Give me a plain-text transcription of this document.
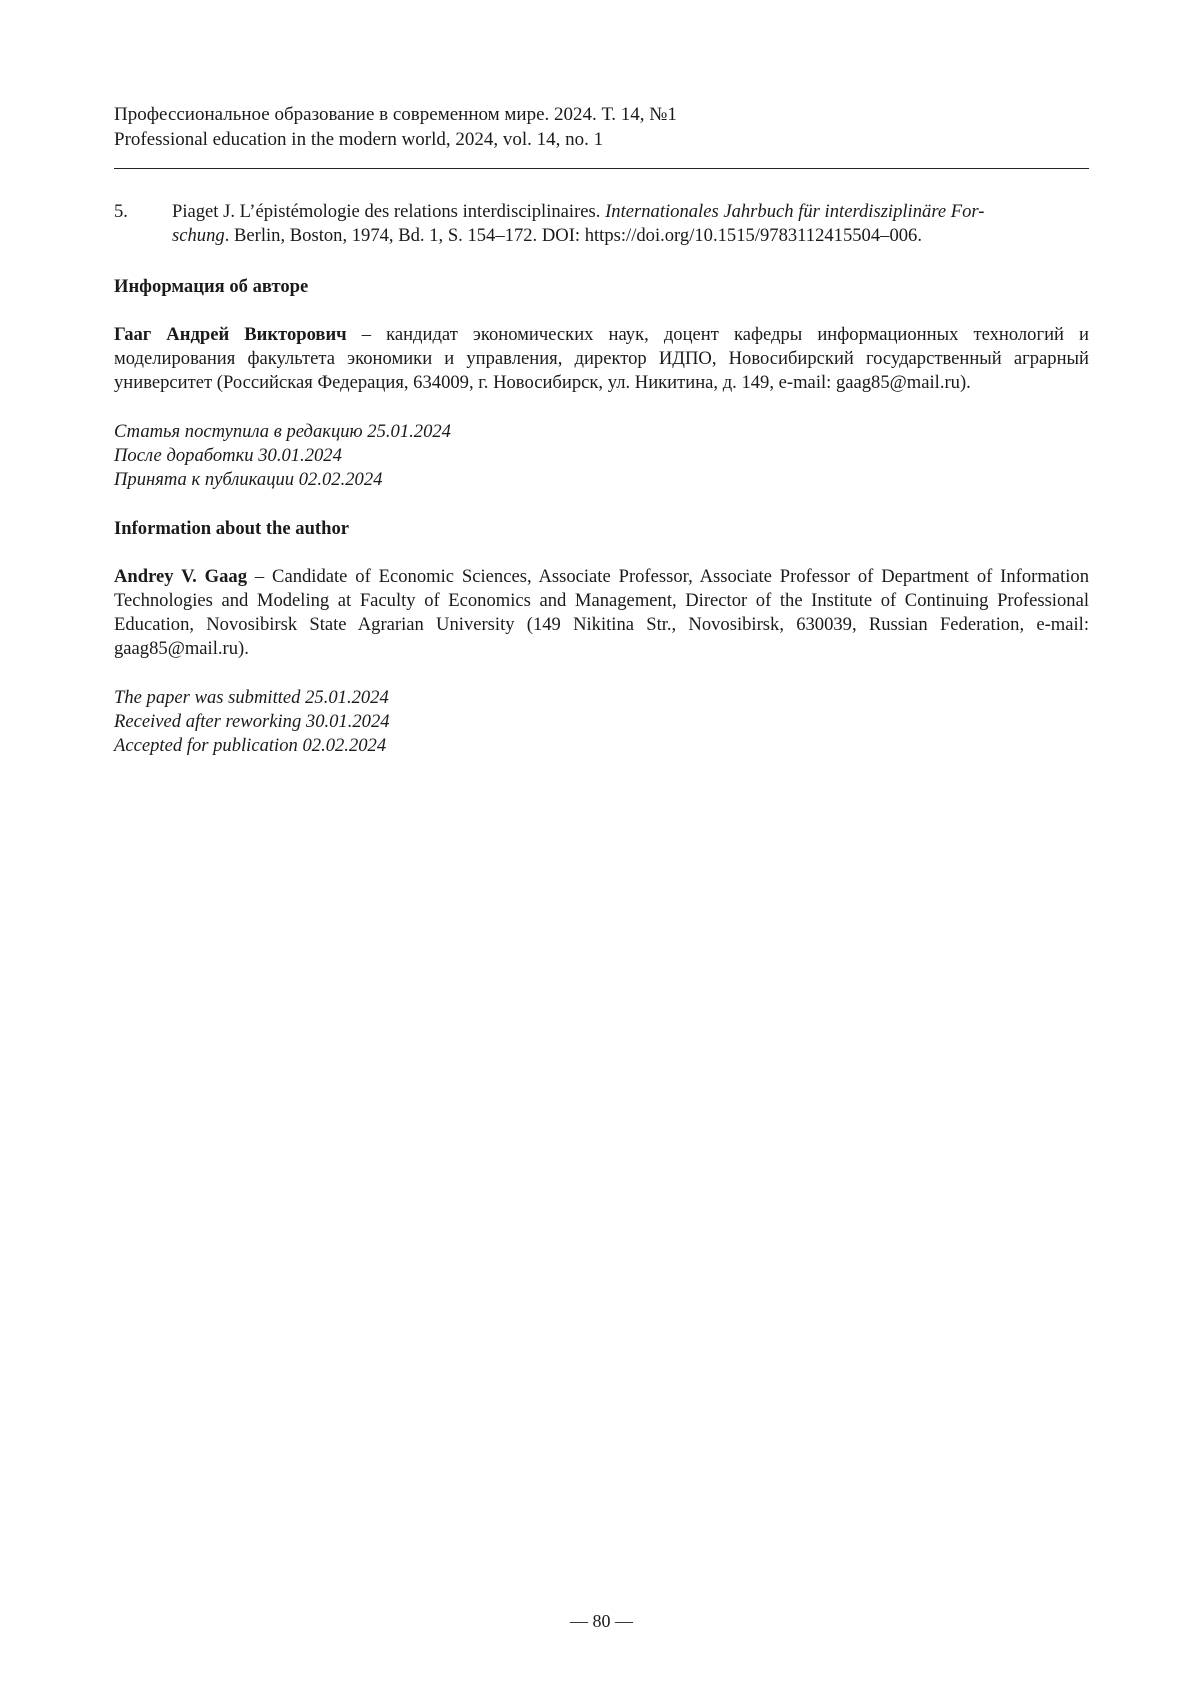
Профессиональное образование в современном мире. 2024. Т. 14, №1
Professional education in the modern world, 2024, vol. 14, no. 1
5. Piaget J. L’épistémologie des relations interdisciplinaires. Internationales Jahrbuch für interdisziplinäre For-
schung. Berlin, Boston, 1974, Bd. 1, S. 154–172. DOI: https://doi.org/10.1515/9783112415504–006.
Информация об авторе
Гааг Андрей Викторович – кандидат экономических наук, доцент кафедры информационных технологий и моделирования факультета экономики и управления, директор ИДПО, Новосибирский государственный аграрный университет (Российская Федерация, 634009, г. Новосибирск, ул. Никитина, д. 149, e-mail: gaag85@mail.ru).
Статья поступила в редакцию 25.01.2024
После доработки 30.01.2024
Принята к публикации 02.02.2024
Information about the author
Andrey V. Gaag – Candidate of Economic Sciences, Associate Professor, Associate Professor of Department of Information Technologies and Modeling at Faculty of Economics and Management, Director of the Institute of Continuing Professional Education, Novosibirsk State Agrarian University (149 Nikitina Str., Novosibirsk, 630039, Russian Federation, e-mail: gaag85@mail.ru).
The paper was submitted 25.01.2024
Received after reworking 30.01.2024
Accepted for publication 02.02.2024
— 80 —
